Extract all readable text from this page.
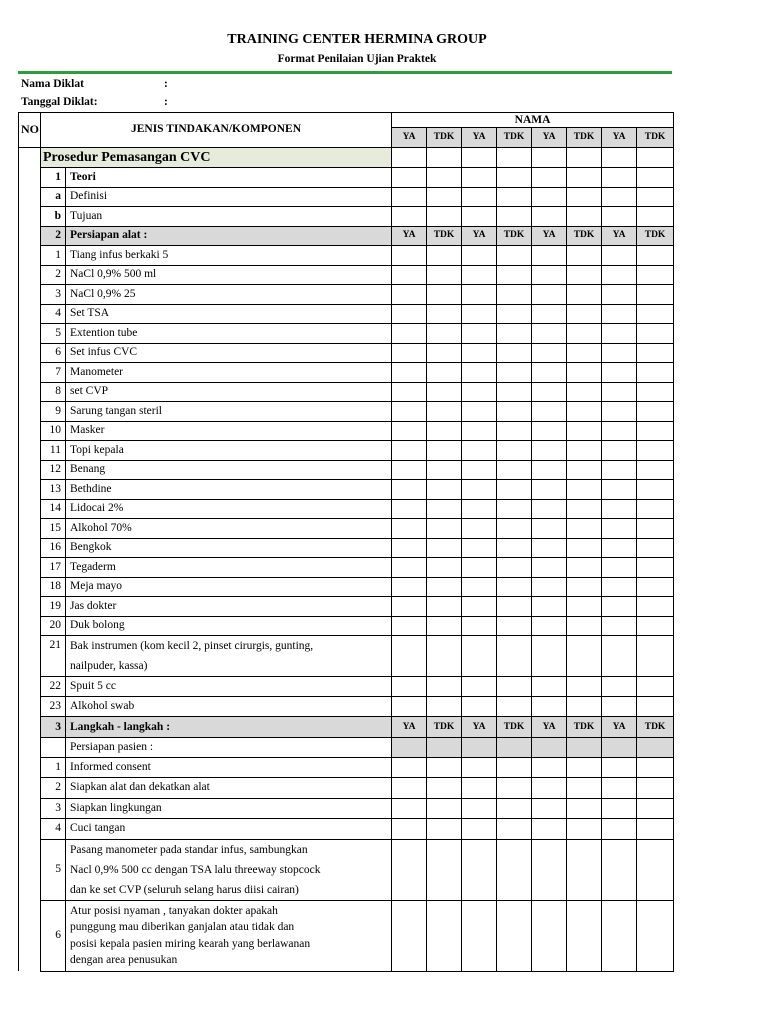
TRAINING CENTER HERMINA GROUP
Format Penilaian Ujian Praktek
Nama Diklat	:
Tanggal Diklat:	:
NO	JENIS TINDAKAN/KOMPONEN		NAMA							
			YA	TDK	YA	TDK	YA	TDK	YA	TDK
	Prosedur Pemasangan CVC									
	1	Teori								
	a	Definisi								
	b	Tujuan								
	2	Persiapan alat :	YA	TDK	YA	TDK	YA	TDK	YA	TDK
	1	Tiang infus berkaki 5								
	2	NaCl 0,9% 500 ml								
	3	NaCl 0,9% 25								
	4	Set TSA								
	5	Extention tube								
	6	Set infus CVC								
	7	Manometer								
	8	set CVP								
	9	Sarung tangan steril								
	10	Masker								
	11	Topi kepala								
	12	Benang								
	13	Bethdine								
	14	Lidocai 2%								
	15	Alkohol 70%								
	16	Bengkok								
	17	Tegaderm								
	18	Meja mayo								
	19	Jas dokter								
	20	Duk bolong								
	21	Bak instrumen (kom kecil 2, pinset cirurgis, gunting,
nailpuder, kassa)								

	22	Spuit 5 cc								
	23	Alkohol swab								
	3	Langkah - langkah :	YA	TDK	YA	TDK	YA	TDK	YA	TDK
		Persiapan pasien :								
	1	Informed consent								
	2	Siapkan alat dan dekatkan alat								
	3	Siapkan lingkungan								
	4	Cuci tangan								
	5	Pasang manometer pada standar infus, sambungkan
Nacl 0,9% 500 cc dengan TSA lalu threeway stopcock
dan ke set CVP (seluruh selang harus diisi cairan)								

	6	Atur posisi nyaman , tanyakan dokter apakah
punggung mau diberikan ganjalan atau tidak dan
posisi kepala pasien miring kearah yang berlawanan
dengan area penusukan								
